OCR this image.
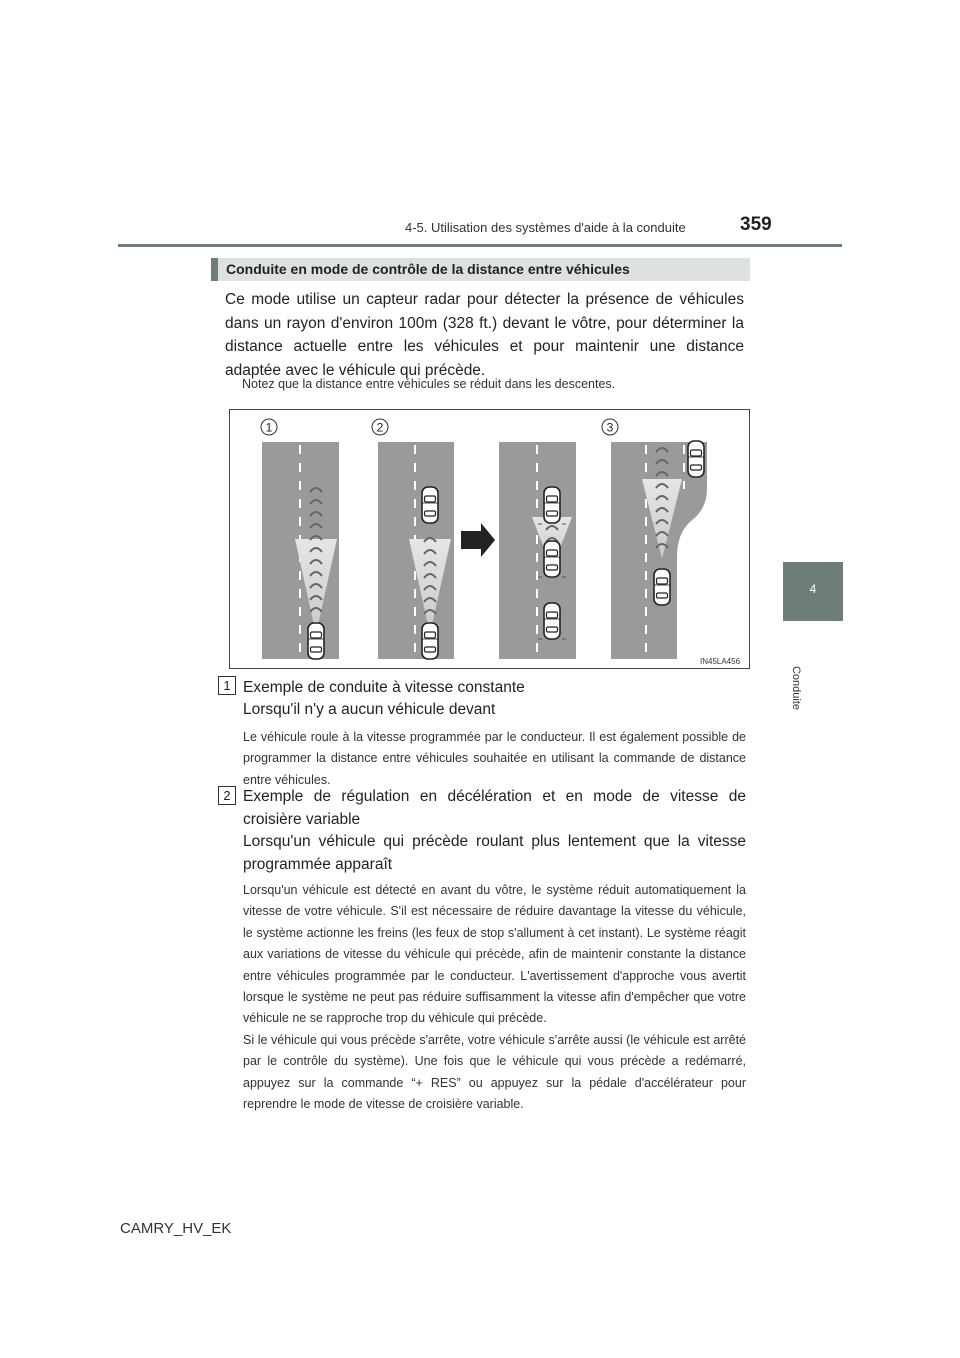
4-5. Utilisation des systèmes d'aide à la conduite	359
4
Conduite
Conduite en mode de contrôle de la distance entre véhicules
Ce mode utilise un capteur radar pour détecter la présence de véhicules dans un rayon d'environ 100m (328 ft.) devant le vôtre, pour déterminer la distance actuelle entre les véhicules et pour maintenir une distance adaptée avec le véhicule qui précède.
Notez que la distance entre véhicules se réduit dans les descentes.
1	2	3
IN45LA456
1 Exemple de conduite à vitesse constante
Lorsqu'il n'y a aucun véhicule devant
Le véhicule roule à la vitesse programmée par le conducteur. Il est également possible de programmer la distance entre véhicules souhaitée en utilisant la commande de distance entre véhicules.
2 Exemple de régulation en décélération et en mode de vitesse de croisière variable
Lorsqu'un véhicule qui précède roulant plus lentement que la vitesse programmée apparaît
Lorsqu'un véhicule est détecté en avant du vôtre, le système réduit automatiquement la vitesse de votre véhicule. S'il est nécessaire de réduire davantage la vitesse du véhicule, le système actionne les freins (les feux de stop s'allument à cet instant). Le système réagit aux variations de vitesse du véhicule qui précède, afin de maintenir constante la distance entre véhicules programmée par le conducteur. L'avertissement d'approche vous avertit lorsque le système ne peut pas réduire suffisamment la vitesse afin d'empêcher que votre véhicule ne se rapproche trop du véhicule qui précède.
Si le véhicule qui vous précède s'arrête, votre véhicule s'arrête aussi (le véhicule est arrêté par le contrôle du système). Une fois que le véhicule qui vous précède a redémarré, appuyez sur la commande “+ RES” ou appuyez sur la pédale d'accélérateur pour reprendre le mode de vitesse de croisière variable.
CAMRY_HV_EK
